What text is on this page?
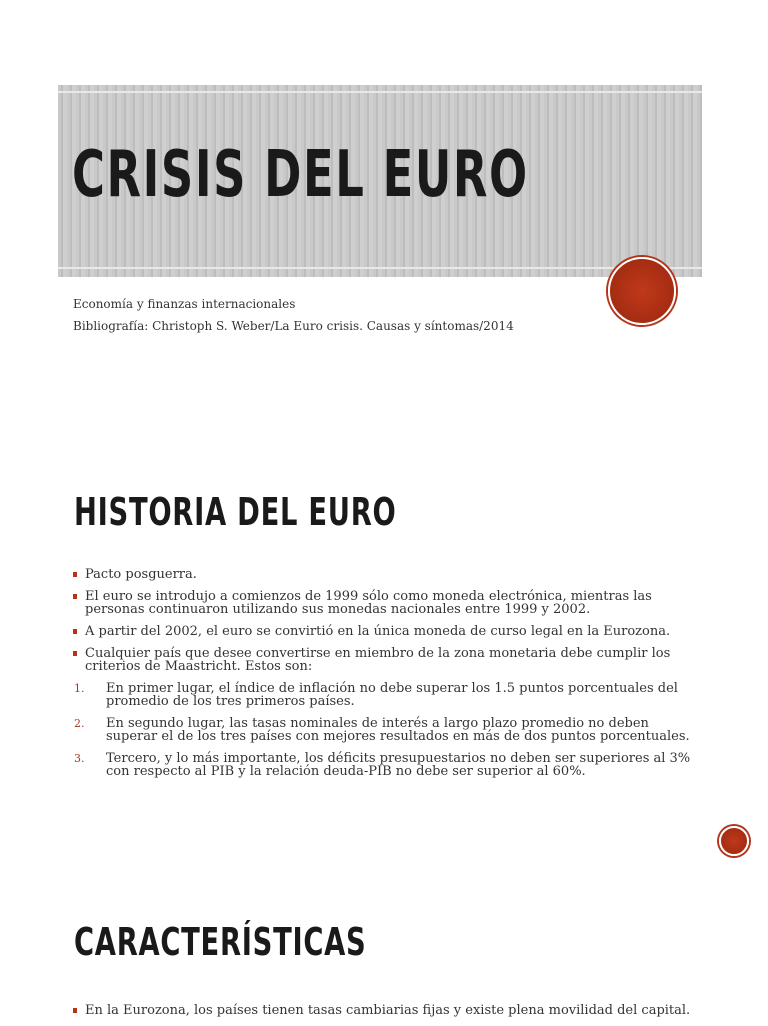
CRISIS DEL EURO
Economía y finanzas internacionales
Bibliografía: Christoph S. Weber/La Euro crisis. Causas y síntomas/2014
HISTORIA DEL EURO
Pacto posguerra.
El euro se introdujo a comienzos de 1999 sólo como moneda electrónica, mientras las personas continuaron utilizando sus monedas nacionales entre 1999 y 2002.
A partir del 2002, el euro se convirtió en la única moneda de curso legal en la Eurozona.
Cualquier país que desee convertirse en miembro de la zona monetaria debe cumplir los criterios de Maastricht. Estos son:
1. En primer lugar, el índice de inflación no debe superar los 1.5 puntos porcentuales del promedio de los tres primeros países.
2. En segundo lugar, las tasas nominales de interés a largo plazo promedio no deben superar el de los tres países con mejores resultados en más de dos puntos porcentuales.
3. Tercero, y lo más importante, los déficits presupuestarios no deben ser superiores al 3% con respecto al PIB y la relación deuda-PIB no debe ser superior al 60%.
CARACTERÍSTICAS
En la Eurozona, los países tienen tasas cambiarias fijas y existe plena movilidad del capital.
